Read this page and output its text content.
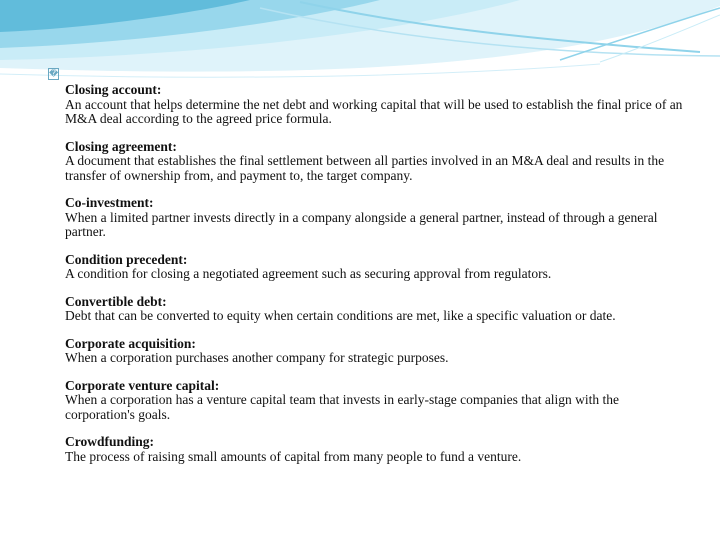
�
Closing account:
An account that helps determine the net debt and working capital that will be used to establish the final price of an M&A deal according to the agreed price formula.
Closing agreement:
A document that establishes the final settlement between all parties involved in an M&A deal and results in the transfer of ownership from, and payment to, the target company.
Co-investment:
When a limited partner invests directly in a company alongside a general partner, instead of through a general partner.
Condition precedent:
A condition for closing a negotiated agreement such as securing approval from regulators.
Convertible debt:
Debt that can be converted to equity when certain conditions are met, like a specific valuation or date.
Corporate acquisition:
When a corporation purchases another company for strategic purposes.
Corporate venture capital:
When a corporation has a venture capital team that invests in early-stage companies that align with the corporation's goals.
Crowdfunding:
The process of raising small amounts of capital from many people to fund a venture.
